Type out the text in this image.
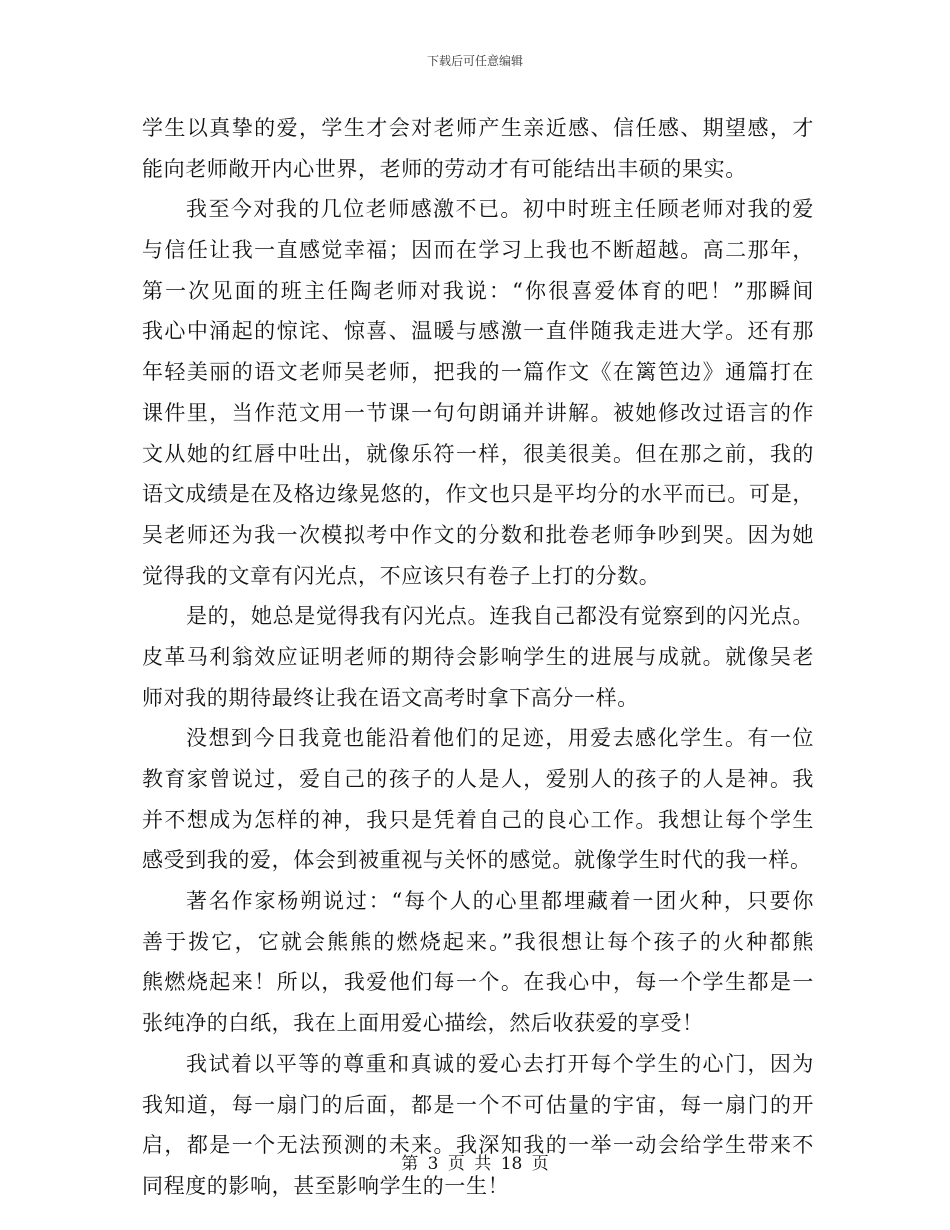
下载后可任意编辑
学生以真挚的爱，学生才会对老师产生亲近感、信任感、期望感，才
能向老师敞开内心世界，老师的劳动才有可能结出丰硕的果实。
我至今对我的几位老师感激不已。初中时班主任顾老师对我的爱
与信任让我一直感觉幸福；因而在学习上我也不断超越。高二那年，
第一次见面的班主任陶老师对我说：“你很喜爱体育的吧！”那瞬间
我心中涌起的惊诧、惊喜、温暖与感激一直伴随我走进大学。还有那
年轻美丽的语文老师吴老师，把我的一篇作文《在篱笆边》通篇打在
课件里，当作范文用一节课一句句朗诵并讲解。被她修改过语言的作
文从她的红唇中吐出，就像乐符一样，很美很美。但在那之前，我的
语文成绩是在及格边缘晃悠的，作文也只是平均分的水平而已。可是，
吴老师还为我一次模拟考中作文的分数和批卷老师争吵到哭。因为她
觉得我的文章有闪光点，不应该只有卷子上打的分数。
是的，她总是觉得我有闪光点。连我自己都没有觉察到的闪光点。
皮革马利翁效应证明老师的期待会影响学生的进展与成就。就像吴老
师对我的期待最终让我在语文高考时拿下高分一样。
没想到今日我竟也能沿着他们的足迹，用爱去感化学生。有一位
教育家曾说过，爱自己的孩子的人是人，爱别人的孩子的人是神。我
并不想成为怎样的神，我只是凭着自己的良心工作。我想让每个学生
感受到我的爱，体会到被重视与关怀的感觉。就像学生时代的我一样。
著名作家杨朔说过：“每个人的心里都埋藏着一团火种，只要你
善于拨它，它就会熊熊的燃烧起来。”我很想让每个孩子的火种都熊
熊燃烧起来！所以，我爱他们每一个。在我心中，每一个学生都是一
张纯净的白纸，我在上面用爱心描绘，然后收获爱的享受！
我试着以平等的尊重和真诚的爱心去打开每个学生的心门，因为
我知道，每一扇门的后面，都是一个不可估量的宇宙，每一扇门的开
启，都是一个无法预测的未来。我深知我的一举一动会给学生带来不
同程度的影响，甚至影响学生的一生！
第 3 页 共 18 页
